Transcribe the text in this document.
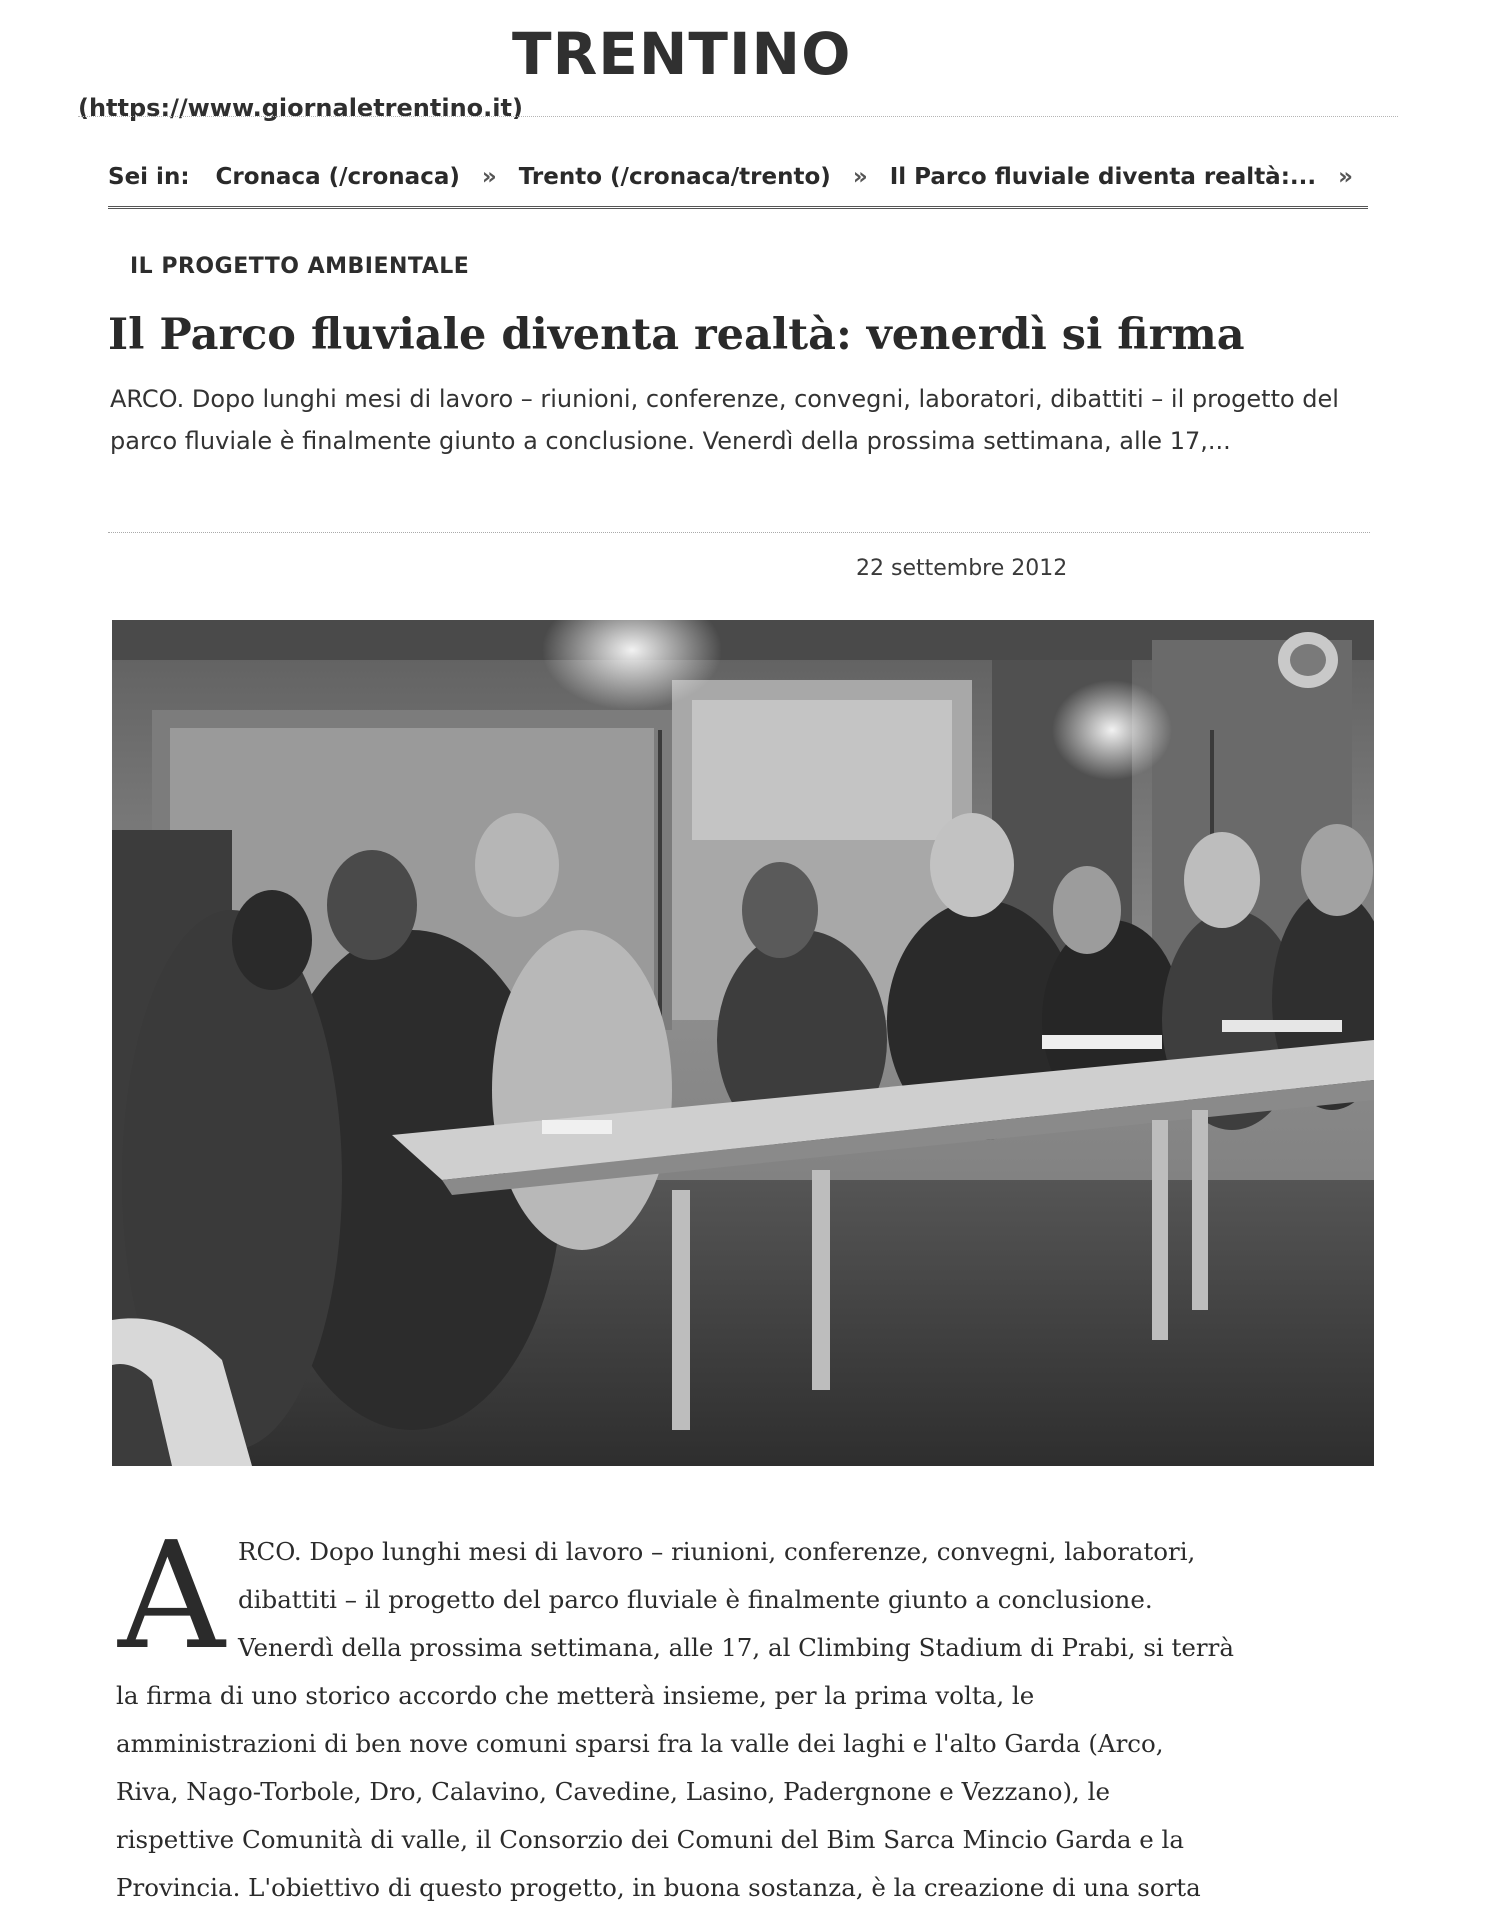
TRENTINO
(https://www.giornaletrentino.it)
Sei in: Cronaca (/cronaca) » Trento (/cronaca/trento) » Il Parco fluviale diventa realtà:... »
IL PROGETTO AMBIENTALE
Il Parco fluviale diventa realtà: venerdì si firma

ARCO. Dopo lunghi mesi di lavoro – riunioni, conferenze, convegni, laboratori, dibattiti – il progetto del parco fluviale è finalmente giunto a conclusione. Venerdì della prossima settimana, alle 17,...

22 settembre 2012
A RCO. Dopo lunghi mesi di lavoro – riunioni, conferenze, convegni, laboratori,
dibattiti – il progetto del parco fluviale è finalmente giunto a conclusione.
Venerdì della prossima settimana, alle 17, al Climbing Stadium di Prabi, si terrà
la firma di uno storico accordo che metterà insieme, per la prima volta, le
amministrazioni di ben nove comuni sparsi fra la valle dei laghi e l'alto Garda (Arco,
Riva, Nago-Torbole, Dro, Calavino, Cavedine, Lasino, Padergnone e Vezzano), le
rispettive Comunità di valle, il Consorzio dei Comuni del Bim Sarca Mincio Garda e la
Provincia. L'obiettivo di questo progetto, in buona sostanza, è la creazione di una sorta
